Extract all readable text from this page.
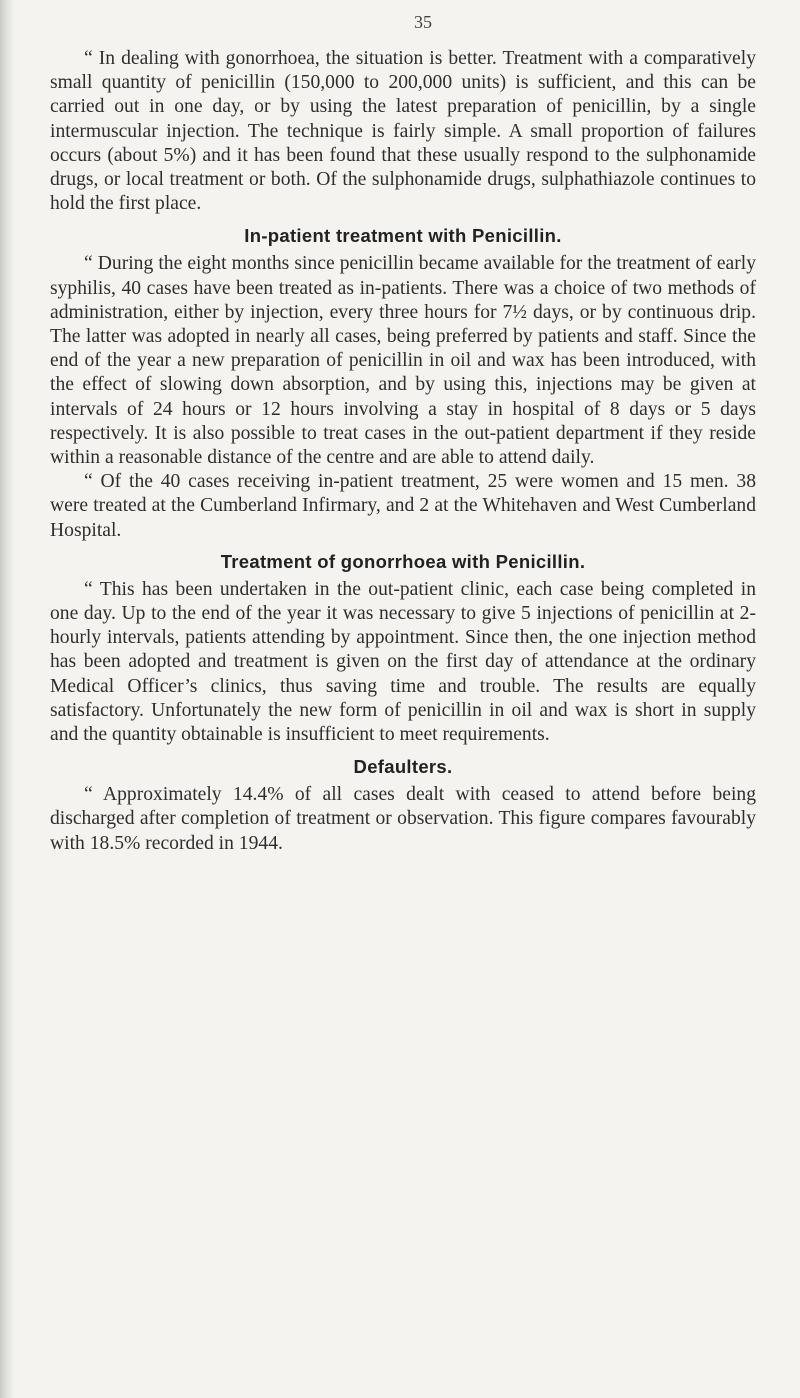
35

“ In dealing with gonorrhoea, the situation is better. Treatment with a comparatively small quantity of penicillin (150,000 to 200,000 units) is sufficient, and this can be carried out in one day, or by using the latest preparation of penicillin, by a single intermuscular injection. The technique is fairly simple. A small proportion of failures occurs (about 5%) and it has been found that these usually respond to the sulphonamide drugs, or local treatment or both. Of the sulphonamide drugs, sulphathiazole continues to hold the first place.

In-patient treatment with Penicillin.

“ During the eight months since penicillin became available for the treatment of early syphilis, 40 cases have been treated as in-patients. There was a choice of two methods of administration, either by injection, every three hours for 7½ days, or by continuous drip. The latter was adopted in nearly all cases, being preferred by patients and staff. Since the end of the year a new preparation of penicillin in oil and wax has been introduced, with the effect of slowing down absorption, and by using this, injections may be given at intervals of 24 hours or 12 hours involving a stay in hospital of 8 days or 5 days respectively. It is also possible to treat cases in the out-patient department if they reside within a reasonable distance of the centre and are able to attend daily.

“ Of the 40 cases receiving in-patient treatment, 25 were women and 15 men. 38 were treated at the Cumberland Infirmary, and 2 at the Whitehaven and West Cumberland Hospital.

Treatment of gonorrhoea with Penicillin.

“ This has been undertaken in the out-patient clinic, each case being completed in one day. Up to the end of the year it was necessary to give 5 injections of penicillin at 2-hourly intervals, patients attending by appointment. Since then, the one injection method has been adopted and treatment is given on the first day of attendance at the ordinary Medical Officer’s clinics, thus saving time and trouble. The results are equally satisfactory. Unfortunately the new form of penicillin in oil and wax is short in supply and the quantity obtainable is insufficient to meet requirements.

Defaulters.

“ Approximately 14.4% of all cases dealt with ceased to attend before being discharged after completion of treatment or observation. This figure compares favourably with 18.5% recorded in 1944.
